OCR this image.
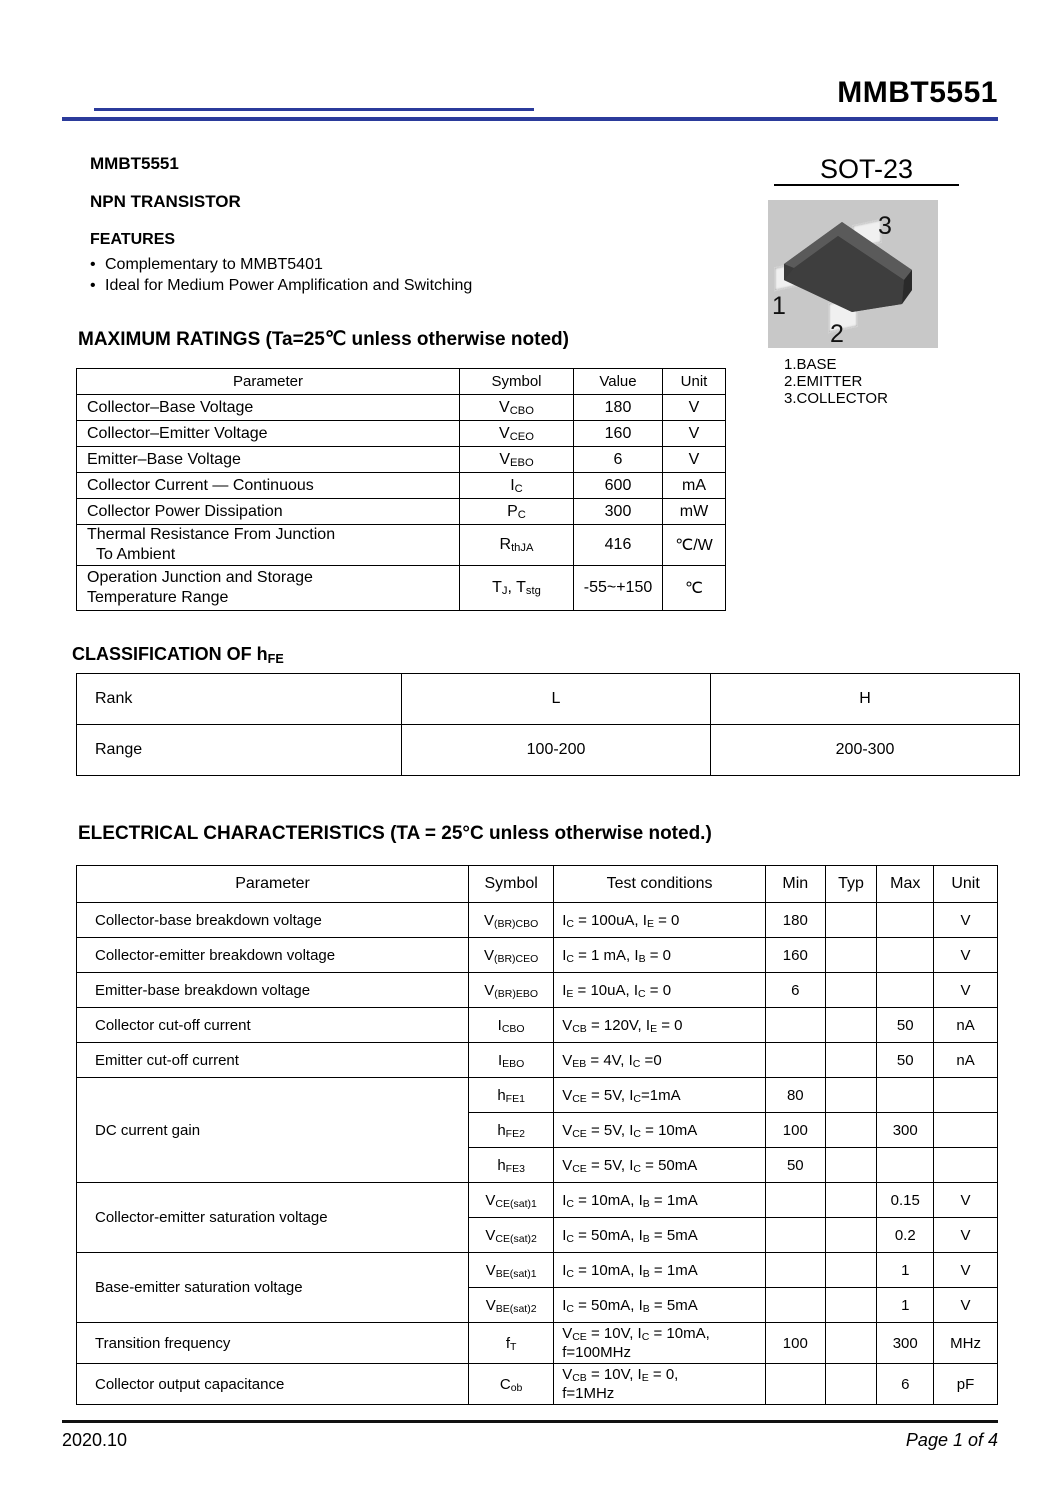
MMBT5551
MMBT5551
NPN TRANSISTOR
FEATURES
• Complementary to MMBT5401
• Ideal for Medium Power Amplification and Switching
MAXIMUM RATINGS (Ta=25℃ unless otherwise noted)
SOT-23
1
2
3
1.BASE
2.EMITTER
3.COLLECTOR
Parameter	Symbol	Value	Unit
Collector–Base Voltage	$V_{CBO}$	180	V
Collector–Emitter Voltage	$V_{CEO}$	160	V
Emitter–Base Voltage	$V_{EBO}$	6	V
Collector Current — Continuous	$I_C$	600	mA
Collector Power Dissipation	$P_C$	300	mW

Thermal Resistance From Junction
To Ambient	$R_{thJA}$	416	℃/W

Operation Junction and Storage
Temperature Range	$T_J$, $T_{stg}$	-55~+150	℃
CLASSIFICATION OF $h_{FE}$
Rank	L	H
Range	100-200	200-300
ELECTRICAL CHARACTERISTICS (TA = 25°C unless otherwise noted.)
Parameter	Symbol	Test conditions	Min	Typ	Max	Unit
Collector-base breakdown voltage	$V_{(BR)CBO}$	$I_C = 100uA$, $I_E = 0$	180			V
Collector-emitter breakdown voltage	$V_{(BR)CEO}$	$I_C = 1$ mA, $I_B = 0$	160			V
Emitter-base breakdown voltage	$V_{(BR)EBO}$	$I_E = 10uA$, $I_C = 0$	6			V
Collector cut-off current	$I_{CBO}$	$V_{CB} = 120V$, $I_E = 0$			50	nA
Emitter cut-off current	$I_{EBO}$	$V_{EB} = 4V$, $I_C =0$			50	nA
DC current gain	$h_{FE1}$	$V_{CE} = 5V$, $I_C=1mA$	80			
	$h_{FE2}$	$V_{CE} = 5V$, $I_C = 10mA$	100		300	
	$h_{FE3}$	$V_{CE} = 5V$, $I_C = 50mA$	50			
Collector-emitter saturation voltage	$V_{CE(sat)1}$	$I_C = 10mA$, $I_B = 1mA$			0.15	V
	$V_{CE(sat)2}$	$I_C = 50mA$, $I_B = 5mA$			0.2	V
Base-emitter saturation voltage	$V_{BE(sat)1}$	$I_C = 10mA$, $I_B = 1mA$			1	V
	$V_{BE(sat)2}$	$I_C = 50mA$, $I_B = 5mA$			1	V
Transition frequency	$f_T$	$V_{CE} = 10V$, $I_C = 10mA$,
f=100MHz	100		300	MHz
Collector output capacitance	$C_{ob}$	$V_{CB} = 10V$, $I_E = 0$,
f=1MHz			6	pF
2020.10	Page 1 of 4
